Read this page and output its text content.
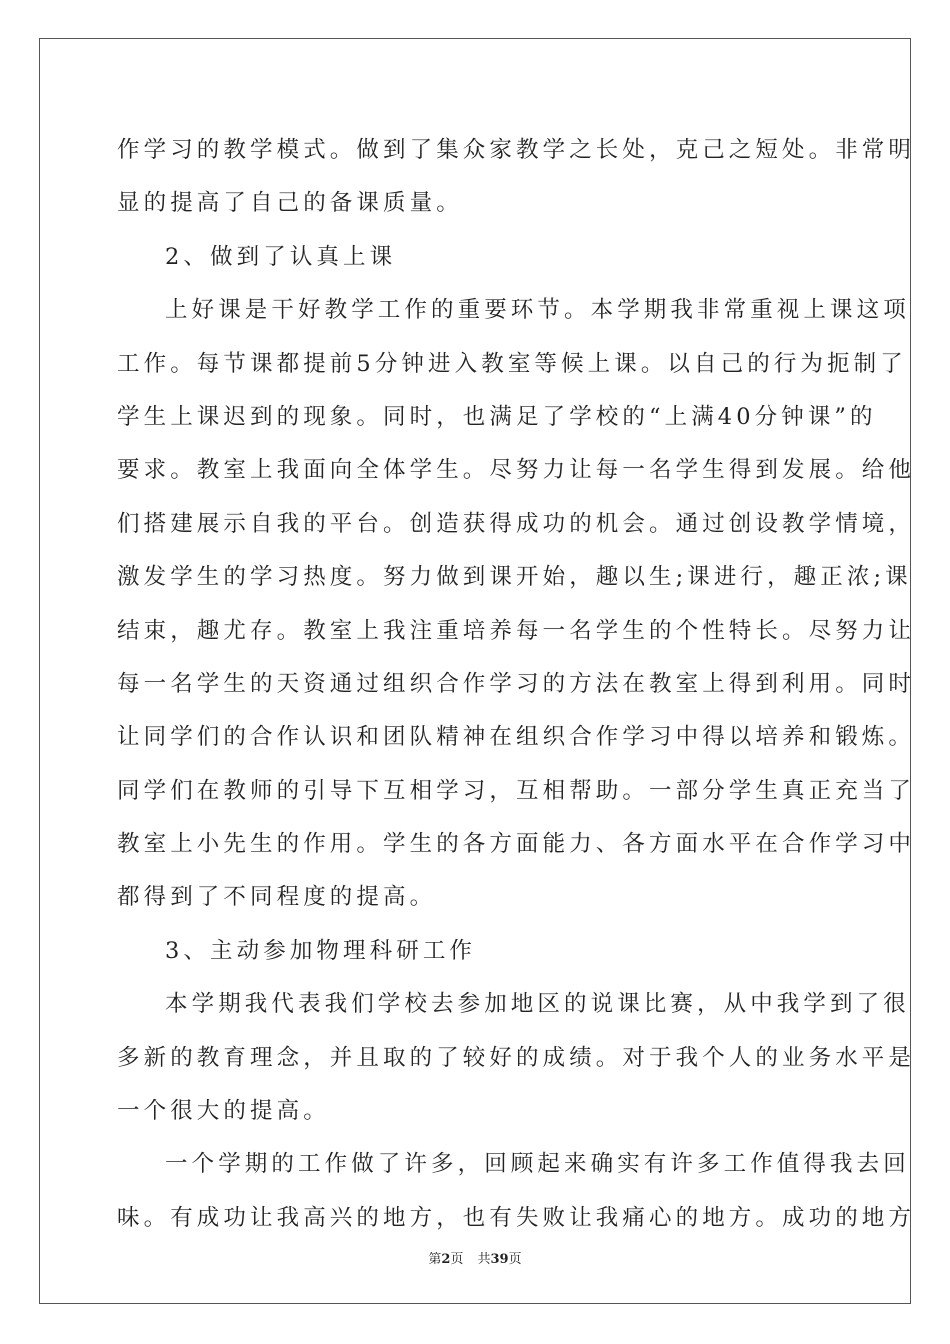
作学习的教学模式。做到了集众家教学之长处，克己之短处。非常明
显的提高了自己的备课质量。
2、做到了认真上课
上好课是干好教学工作的重要环节。本学期我非常重视上课这项
工作。每节课都提前5分钟进入教室等候上课。以自己的行为扼制了
学生上课迟到的现象。同时，也满足了学校的“上满40分钟课”的
要求。教室上我面向全体学生。尽努力让每一名学生得到发展。给他
们搭建展示自我的平台。创造获得成功的机会。通过创设教学情境，
激发学生的学习热度。努力做到课开始，趣以生;课进行，趣正浓;课
结束，趣尤存。教室上我注重培养每一名学生的个性特长。尽努力让
每一名学生的天资通过组织合作学习的方法在教室上得到利用。同时
让同学们的合作认识和团队精神在组织合作学习中得以培养和锻炼。
同学们在教师的引导下互相学习，互相帮助。一部分学生真正充当了
教室上小先生的作用。学生的各方面能力、各方面水平在合作学习中
都得到了不同程度的提高。
3、主动参加物理科研工作
本学期我代表我们学校去参加地区的说课比赛，从中我学到了很
多新的教育理念，并且取的了较好的成绩。对于我个人的业务水平是
一个很大的提高。
一个学期的工作做了许多，回顾起来确实有许多工作值得我去回
味。有成功让我高兴的地方，也有失败让我痛心的地方。成功的地方
第2页 共39页
